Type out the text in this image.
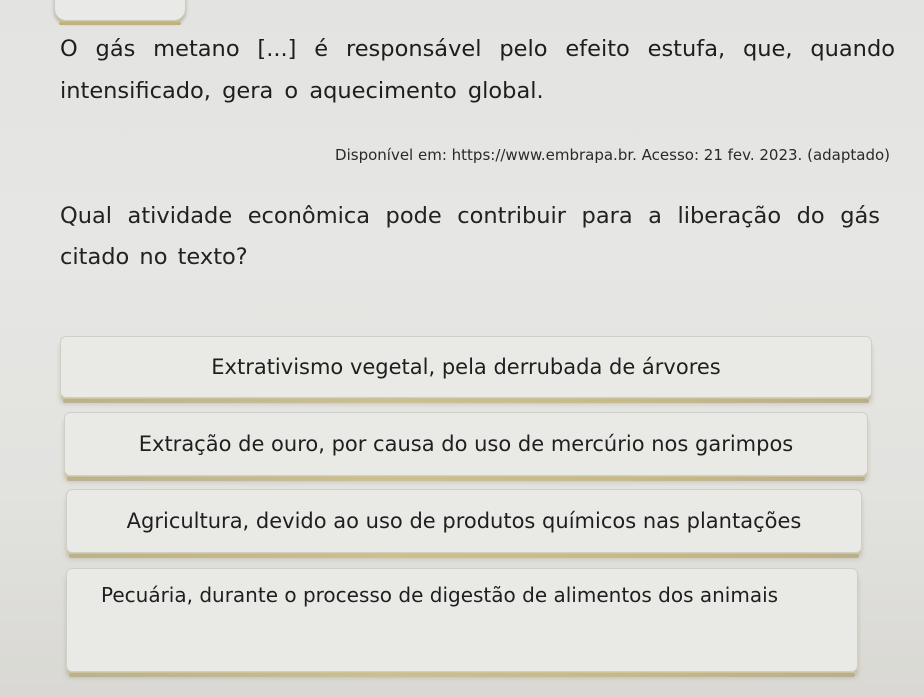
O gás metano [...] é responsável pelo efeito estufa, que, quando intensificado, gera o aquecimento global.
Disponível em: https://www.embrapa.br. Acesso: 21 fev. 2023. (adaptado)
Qual atividade econômica pode contribuir para a liberação do gás citado no texto?
Extrativismo vegetal, pela derrubada de árvores
Extração de ouro, por causa do uso de mercúrio nos garimpos
Agricultura, devido ao uso de produtos químicos nas plantações
Pecuária, durante o processo de digestão de alimentos dos animais
